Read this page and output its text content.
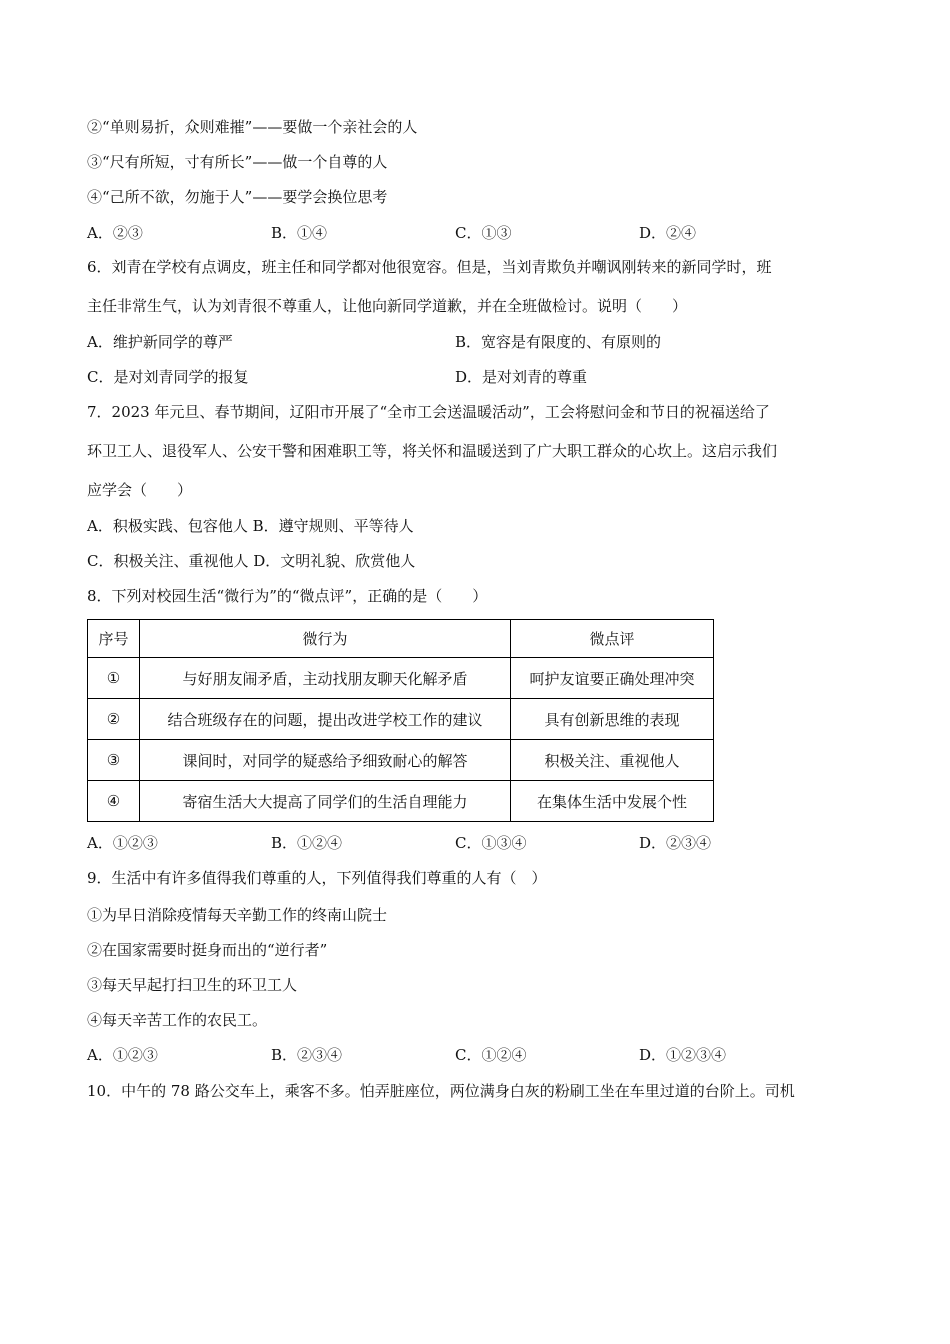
②“单则易折，众则难摧”——要做一个亲社会的人
③“尺有所短，寸有所长”——做一个自尊的人
④“己所不欲，勿施于人”——要学会换位思考
A．②③	B．①④	C．①③	D．②④
6．刘青在学校有点调皮，班主任和同学都对他很宽容。但是，当刘青欺负并嘲讽刚转来的新同学时，班
主任非常生气，认为刘青很不尊重人，让他向新同学道歉，并在全班做检讨。说明（　　）
A．维护新同学的尊严	B．宽容是有限度的、有原则的
C．是对刘青同学的报复	D．是对刘青的尊重
7．2023 年元旦、春节期间，辽阳市开展了“全市工会送温暖活动”，工会将慰问金和节日的祝福送给了
环卫工人、退役军人、公安干警和困难职工等，将关怀和温暖送到了广大职工群众的心坎上。这启示我们
应学会（　　）
A．积极实践、包容他人 B．遵守规则、平等待人
C．积极关注、重视他人 D．文明礼貌、欣赏他人
8．下列对校园生活“微行为”的“微点评”，正确的是（　　）
序号	微行为	微点评
①	与好朋友闹矛盾，主动找朋友聊天化解矛盾	呵护友谊要正确处理冲突
②	结合班级存在的问题，提出改进学校工作的建议	具有创新思维的表现
③	课间时，对同学的疑惑给予细致耐心的解答	积极关注、重视他人
④	寄宿生活大大提高了同学们的生活自理能力	在集体生活中发展个性
A．①②③	B．①②④	C．①③④	D．②③④
9．生活中有许多值得我们尊重的人，下列值得我们尊重的人有（　）
①为早日消除疫情每天辛勤工作的终南山院士
②在国家需要时挺身而出的“逆行者”
③每天早起打扫卫生的环卫工人
④每天辛苦工作的农民工。
A．①②③	B．②③④	C．①②④	D．①②③④
10．中午的 78 路公交车上，乘客不多。怕弄脏座位，两位满身白灰的粉刷工坐在车里过道的台阶上。司机
